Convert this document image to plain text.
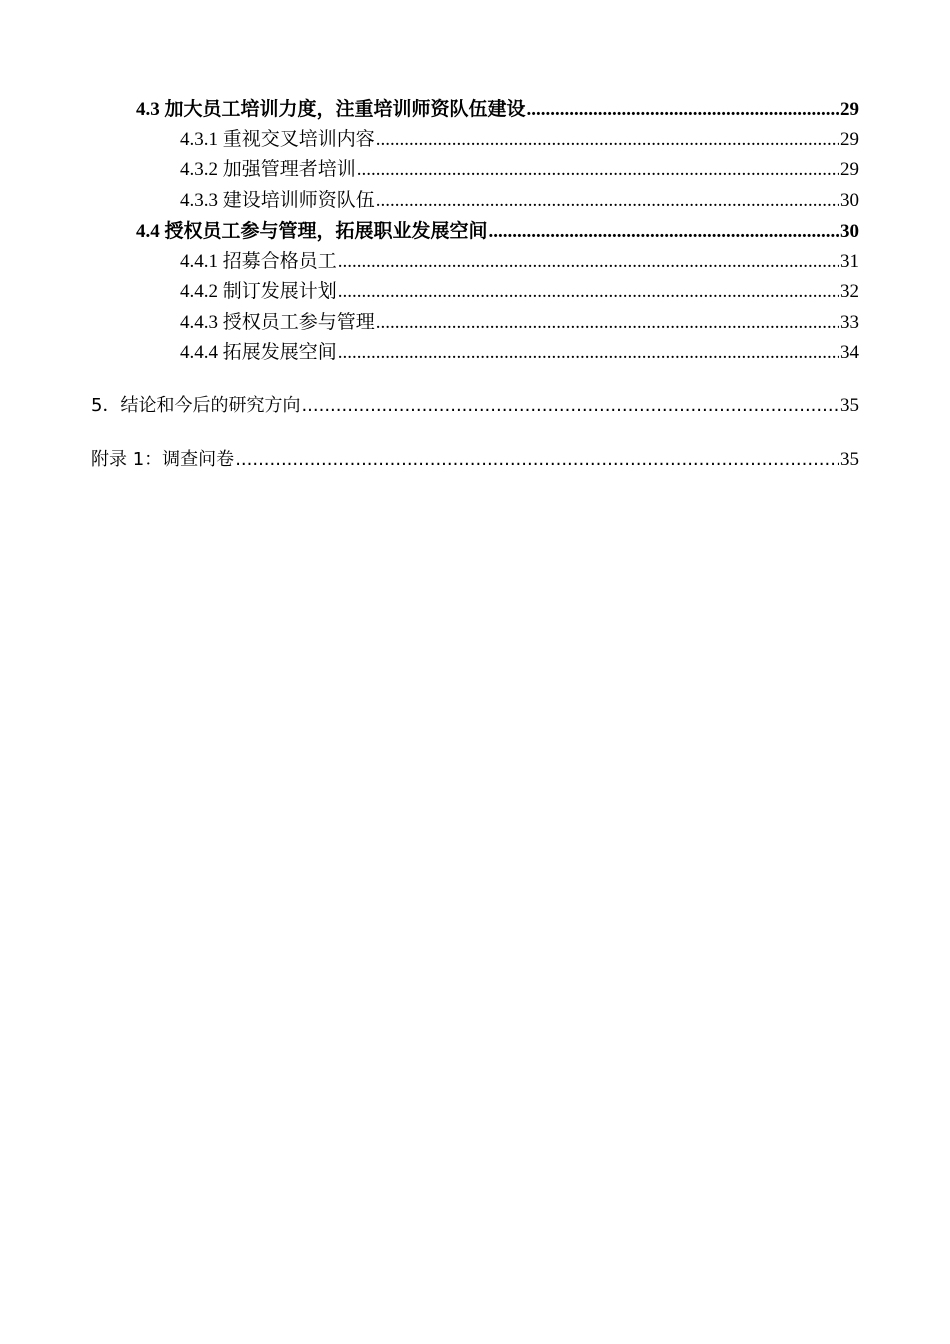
4.3 加大员工培训力度，注重培训师资队伍建设 .....	29
4.3.1 重视交叉培训内容 .....	29
4.3.2 加强管理者培训 .....	29
4.3.3 建设培训师资队伍 .....	30
4.4 授权员工参与管理，拓展职业发展空间 .....	30
4.4.1 招募合格员工 .....	31
4.4.2 制订发展计划 .....	32
4.4.3 授权员工参与管理 .....	33
4.4.4 拓展发展空间 .....	34
5．结论和今后的研究方向 .....	35
附录 1：调查问卷 .....	35
